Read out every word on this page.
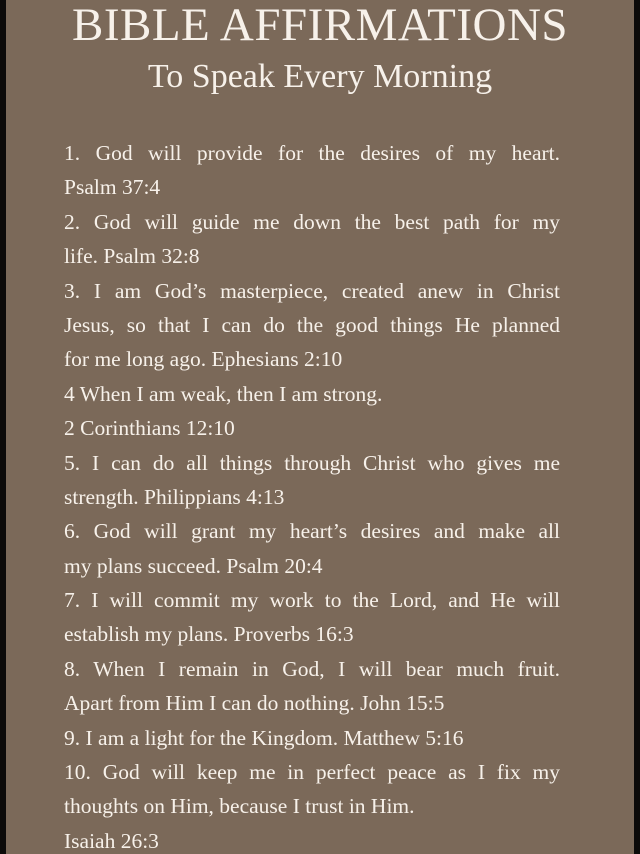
BIBLE AFFIRMATIONS
To Speak Every Morning
1. God will provide for the desires of my heart.
Psalm 37:4
2. God will guide me down the best path for my
life. Psalm 32:8
3. I am God’s masterpiece, created anew in Christ
Jesus, so that I can do the good things He planned
for me long ago. Ephesians 2:10
4 When I am weak, then I am strong.
2 Corinthians 12:10
5. I can do all things through Christ who gives me
strength. Philippians 4:13
6. God will grant my heart’s desires and make all
my plans succeed. Psalm 20:4
7. I will commit my work to the Lord, and He will
establish my plans. Proverbs 16:3
8. When I remain in God, I will bear much fruit.
Apart from Him I can do nothing. John 15:5
9. I am a light for the Kingdom. Matthew 5:16
10. God will keep me in perfect peace as I fix my
thoughts on Him, because I trust in Him.
Isaiah 26:3
